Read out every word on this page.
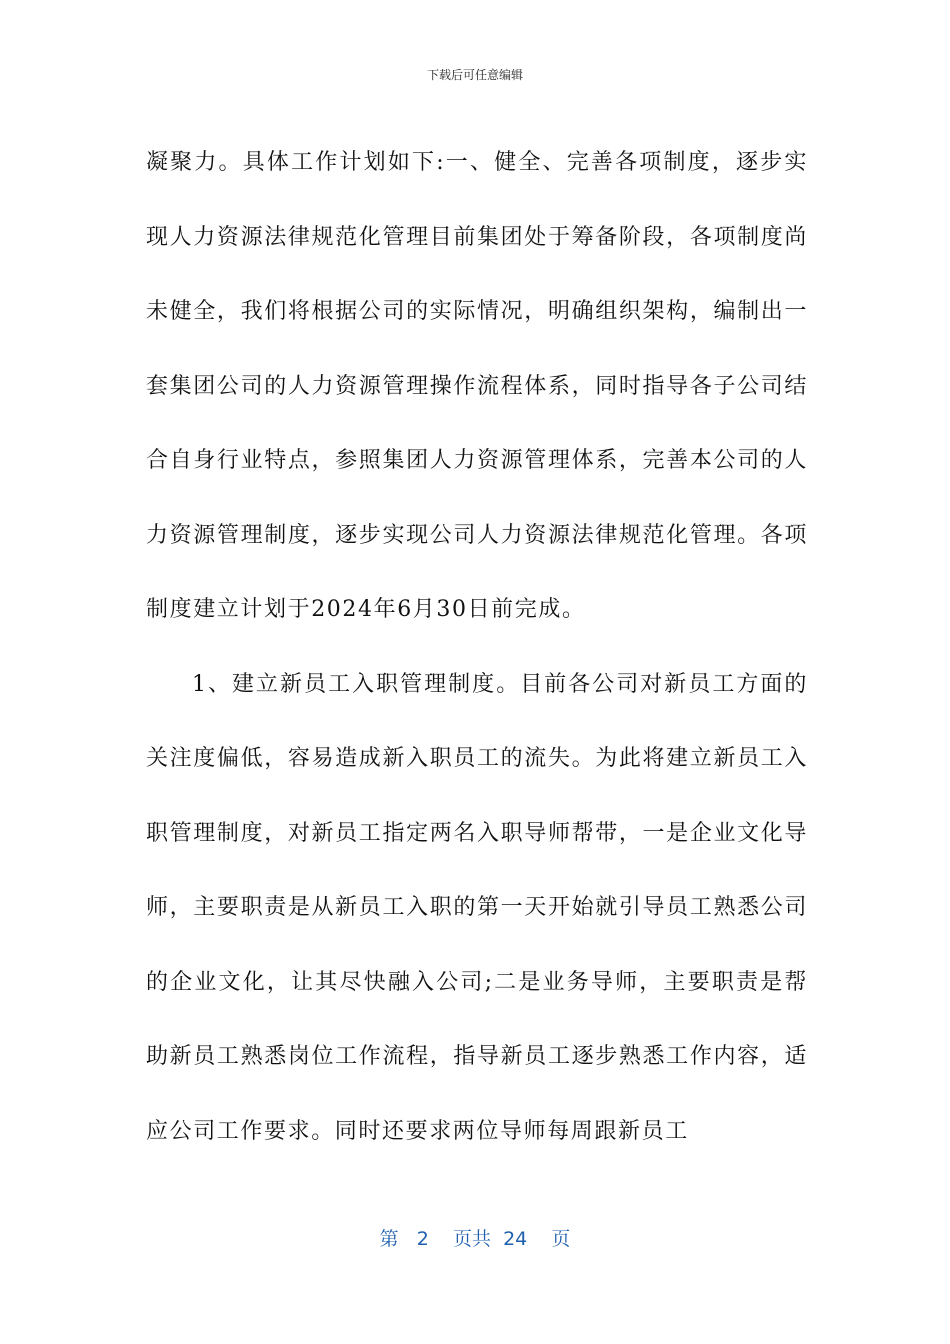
下载后可任意编辑

凝聚力。具体工作计划如下:一、健全、完善各项制度，逐步实现人力资源法律规范化管理目前集团处于筹备阶段，各项制度尚未健全，我们将根据公司的实际情况，明确组织架构，编制出一套集团公司的人力资源管理操作流程体系，同时指导各子公司结合自身行业特点，参照集团人力资源管理体系，完善本公司的人力资源管理制度，逐步实现公司人力资源法律规范化管理。各项制度建立计划于2024年6月30日前完成。

1、建立新员工入职管理制度。目前各公司对新员工方面的关注度偏低，容易造成新入职员工的流失。为此将建立新员工入职管理制度，对新员工指定两名入职导师帮带，一是企业文化导师，主要职责是从新员工入职的第一天开始就引导员工熟悉公司的企业文化，让其尽快融入公司;二是业务导师，主要职责是帮助新员工熟悉岗位工作流程，指导新员工逐步熟悉工作内容，适应公司工作要求。同时还要求两位导师每周跟新员工

第 2 页共 24 页
